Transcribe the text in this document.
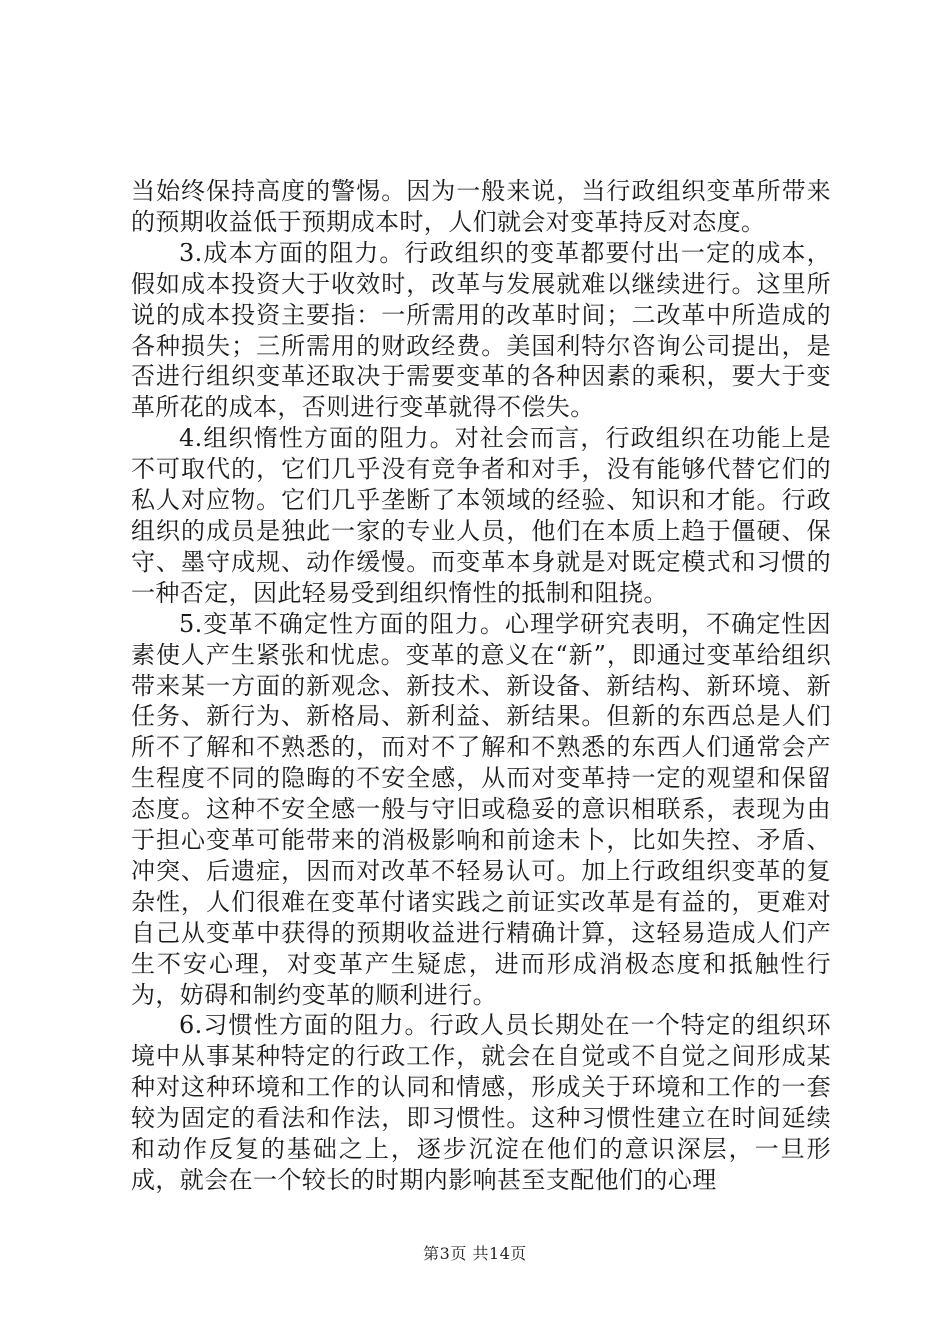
当始终保持高度的警惕。因为一般来说，当行政组织变革所带来的预期收益低于预期成本时，人们就会对变革持反对态度。

3.成本方面的阻力。行政组织的变革都要付出一定的成本，假如成本投资大于收效时，改革与发展就难以继续进行。这里所说的成本投资主要指：一所需用的改革时间；二改革中所造成的各种损失；三所需用的财政经费。美国利特尔咨询公司提出，是否进行组织变革还取决于需要变革的各种因素的乘积，要大于变革所花的成本，否则进行变革就得不偿失。

4.组织惰性方面的阻力。对社会而言，行政组织在功能上是不可取代的，它们几乎没有竞争者和对手，没有能够代替它们的私人对应物。它们几乎垄断了本领域的经验、知识和才能。行政组织的成员是独此一家的专业人员，他们在本质上趋于僵硬、保守、墨守成规、动作缓慢。而变革本身就是对既定模式和习惯的一种否定，因此轻易受到组织惰性的抵制和阻挠。

5.变革不确定性方面的阻力。心理学研究表明，不确定性因素使人产生紧张和忧虑。变革的意义在“新”，即通过变革给组织带来某一方面的新观念、新技术、新设备、新结构、新环境、新任务、新行为、新格局、新利益、新结果。但新的东西总是人们所不了解和不熟悉的，而对不了解和不熟悉的东西人们通常会产生程度不同的隐晦的不安全感，从而对变革持一定的观望和保留态度。这种不安全感一般与守旧或稳妥的意识相联系，表现为由于担心变革可能带来的消极影响和前途未卜，比如失控、矛盾、冲突、后遗症，因而对改革不轻易认可。加上行政组织变革的复杂性，人们很难在变革付诸实践之前证实改革是有益的，更难对自己从变革中获得的预期收益进行精确计算，这轻易造成人们产生不安心理，对变革产生疑虑，进而形成消极态度和抵触性行为，妨碍和制约变革的顺利进行。

6.习惯性方面的阻力。行政人员长期处在一个特定的组织环境中从事某种特定的行政工作，就会在自觉或不自觉之间形成某种对这种环境和工作的认同和情感，形成关于环境和工作的一套较为固定的看法和作法，即习惯性。这种习惯性建立在时间延续和动作反复的基础之上，逐步沉淀在他们的意识深层，一旦形成，就会在一个较长的时期内影响甚至支配他们的心理

第3页 共14页
